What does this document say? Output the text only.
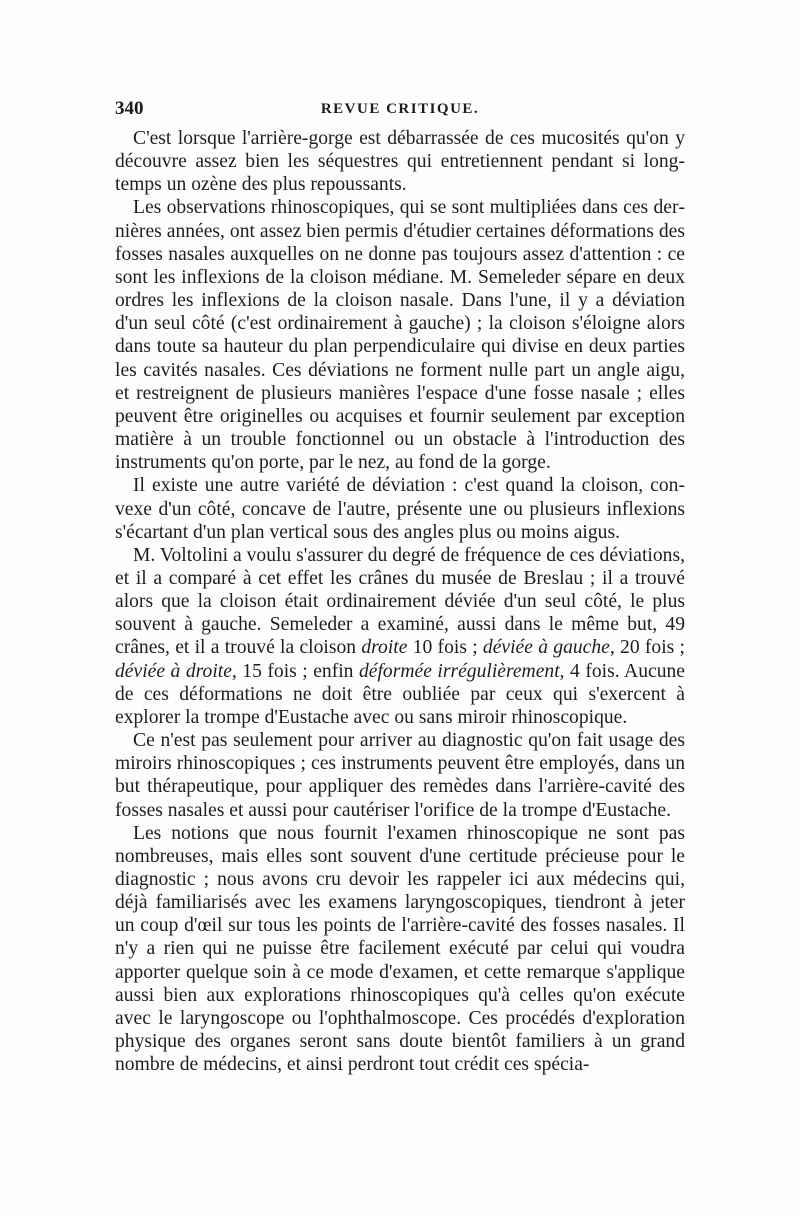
340	REVUE CRITIQUE.

C'est lorsque l'arrière-gorge est débarrassée de ces mucosités qu'on y découvre assez bien les séquestres qui entretiennent pendant si longtemps un ozène des plus repoussants.

Les observations rhinoscopiques, qui se sont multipliées dans ces dernières années, ont assez bien permis d'étudier certaines déformations des fosses nasales auxquelles on ne donne pas toujours assez d'attention : ce sont les inflexions de la cloison médiane. M. Semeleder sépare en deux ordres les inflexions de la cloison nasale. Dans l'une, il y a déviation d'un seul côté (c'est ordinairement à gauche) ; la cloison s'éloigne alors dans toute sa hauteur du plan perpendiculaire qui divise en deux parties les cavités nasales. Ces déviations ne forment nulle part un angle aigu, et restreignent de plusieurs manières l'espace d'une fosse nasale ; elles peuvent être originelles ou acquises et fournir seulement par exception matière à un trouble fonctionnel ou un obstacle à l'introduction des instruments qu'on porte, par le nez, au fond de la gorge.

Il existe une autre variété de déviation : c'est quand la cloison, convexe d'un côté, concave de l'autre, présente une ou plusieurs inflexions s'écartant d'un plan vertical sous des angles plus ou moins aigus.

M. Voltolini a voulu s'assurer du degré de fréquence de ces déviations, et il a comparé à cet effet les crânes du musée de Breslau ; il a trouvé alors que la cloison était ordinairement déviée d'un seul côté, le plus souvent à gauche. Semeleder a examiné, aussi dans le même but, 49 crânes, et il a trouvé la cloison droite 10 fois ; déviée à gauche, 20 fois ; déviée à droite, 15 fois ; enfin déformée irrégulièrement, 4 fois. Aucune de ces déformations ne doit être oubliée par ceux qui s'exercent à explorer la trompe d'Eustache avec ou sans miroir rhinoscopique.

Ce n'est pas seulement pour arriver au diagnostic qu'on fait usage des miroirs rhinoscopiques ; ces instruments peuvent être employés, dans un but thérapeutique, pour appliquer des remèdes dans l'arrière-cavité des fosses nasales et aussi pour cautériser l'orifice de la trompe d'Eustache.

Les notions que nous fournit l'examen rhinoscopique ne sont pas nombreuses, mais elles sont souvent d'une certitude précieuse pour le diagnostic ; nous avons cru devoir les rappeler ici aux médecins qui, déjà familiarisés avec les examens laryngoscopiques, tiendront à jeter un coup d'œil sur tous les points de l'arrière-cavité des fosses nasales. Il n'y a rien qui ne puisse être facilement exécuté par celui qui voudra apporter quelque soin à ce mode d'examen, et cette remarque s'applique aussi bien aux explorations rhinoscopiques qu'à celles qu'on exécute avec le laryngoscope ou l'ophthalmoscope. Ces procédés d'exploration physique des organes seront sans doute bientôt familiers à un grand nombre de médecins, et ainsi perdront tout crédit ces spécia-
